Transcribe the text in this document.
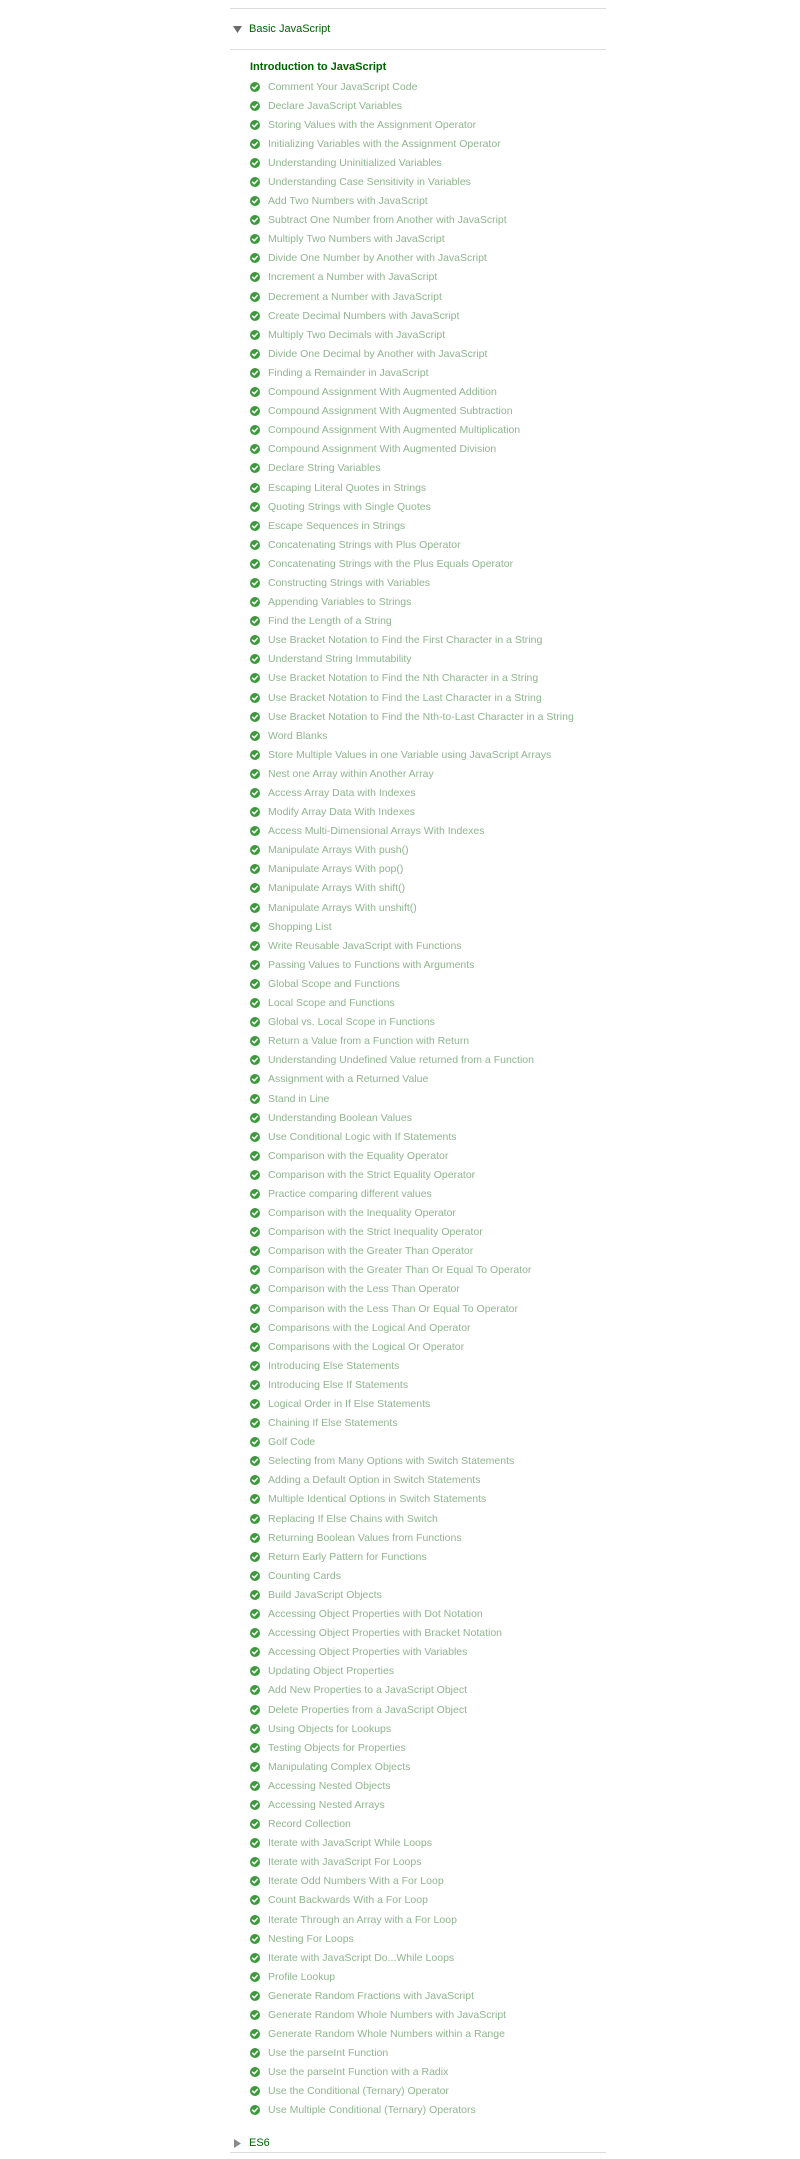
Basic JavaScript
Introduction to JavaScript
Comment Your JavaScript Code
Declare JavaScript Variables
Storing Values with the Assignment Operator
Initializing Variables with the Assignment Operator
Understanding Uninitialized Variables
Understanding Case Sensitivity in Variables
Add Two Numbers with JavaScript
Subtract One Number from Another with JavaScript
Multiply Two Numbers with JavaScript
Divide One Number by Another with JavaScript
Increment a Number with JavaScript
Decrement a Number with JavaScript
Create Decimal Numbers with JavaScript
Multiply Two Decimals with JavaScript
Divide One Decimal by Another with JavaScript
Finding a Remainder in JavaScript
Compound Assignment With Augmented Addition
Compound Assignment With Augmented Subtraction
Compound Assignment With Augmented Multiplication
Compound Assignment With Augmented Division
Declare String Variables
Escaping Literal Quotes in Strings
Quoting Strings with Single Quotes
Escape Sequences in Strings
Concatenating Strings with Plus Operator
Concatenating Strings with the Plus Equals Operator
Constructing Strings with Variables
Appending Variables to Strings
Find the Length of a String
Use Bracket Notation to Find the First Character in a String
Understand String Immutability
Use Bracket Notation to Find the Nth Character in a String
Use Bracket Notation to Find the Last Character in a String
Use Bracket Notation to Find the Nth-to-Last Character in a String
Word Blanks
Store Multiple Values in one Variable using JavaScript Arrays
Nest one Array within Another Array
Access Array Data with Indexes
Modify Array Data With Indexes
Access Multi-Dimensional Arrays With Indexes
Manipulate Arrays With push()
Manipulate Arrays With pop()
Manipulate Arrays With shift()
Manipulate Arrays With unshift()
Shopping List
Write Reusable JavaScript with Functions
Passing Values to Functions with Arguments
Global Scope and Functions
Local Scope and Functions
Global vs. Local Scope in Functions
Return a Value from a Function with Return
Understanding Undefined Value returned from a Function
Assignment with a Returned Value
Stand in Line
Understanding Boolean Values
Use Conditional Logic with If Statements
Comparison with the Equality Operator
Comparison with the Strict Equality Operator
Practice comparing different values
Comparison with the Inequality Operator
Comparison with the Strict Inequality Operator
Comparison with the Greater Than Operator
Comparison with the Greater Than Or Equal To Operator
Comparison with the Less Than Operator
Comparison with the Less Than Or Equal To Operator
Comparisons with the Logical And Operator
Comparisons with the Logical Or Operator
Introducing Else Statements
Introducing Else If Statements
Logical Order in If Else Statements
Chaining If Else Statements
Golf Code
Selecting from Many Options with Switch Statements
Adding a Default Option in Switch Statements
Multiple Identical Options in Switch Statements
Replacing If Else Chains with Switch
Returning Boolean Values from Functions
Return Early Pattern for Functions
Counting Cards
Build JavaScript Objects
Accessing Object Properties with Dot Notation
Accessing Object Properties with Bracket Notation
Accessing Object Properties with Variables
Updating Object Properties
Add New Properties to a JavaScript Object
Delete Properties from a JavaScript Object
Using Objects for Lookups
Testing Objects for Properties
Manipulating Complex Objects
Accessing Nested Objects
Accessing Nested Arrays
Record Collection
Iterate with JavaScript While Loops
Iterate with JavaScript For Loops
Iterate Odd Numbers With a For Loop
Count Backwards With a For Loop
Iterate Through an Array with a For Loop
Nesting For Loops
Iterate with JavaScript Do...While Loops
Profile Lookup
Generate Random Fractions with JavaScript
Generate Random Whole Numbers with JavaScript
Generate Random Whole Numbers within a Range
Use the parseInt Function
Use the parseInt Function with a Radix
Use the Conditional (Ternary) Operator
Use Multiple Conditional (Ternary) Operators
ES6
